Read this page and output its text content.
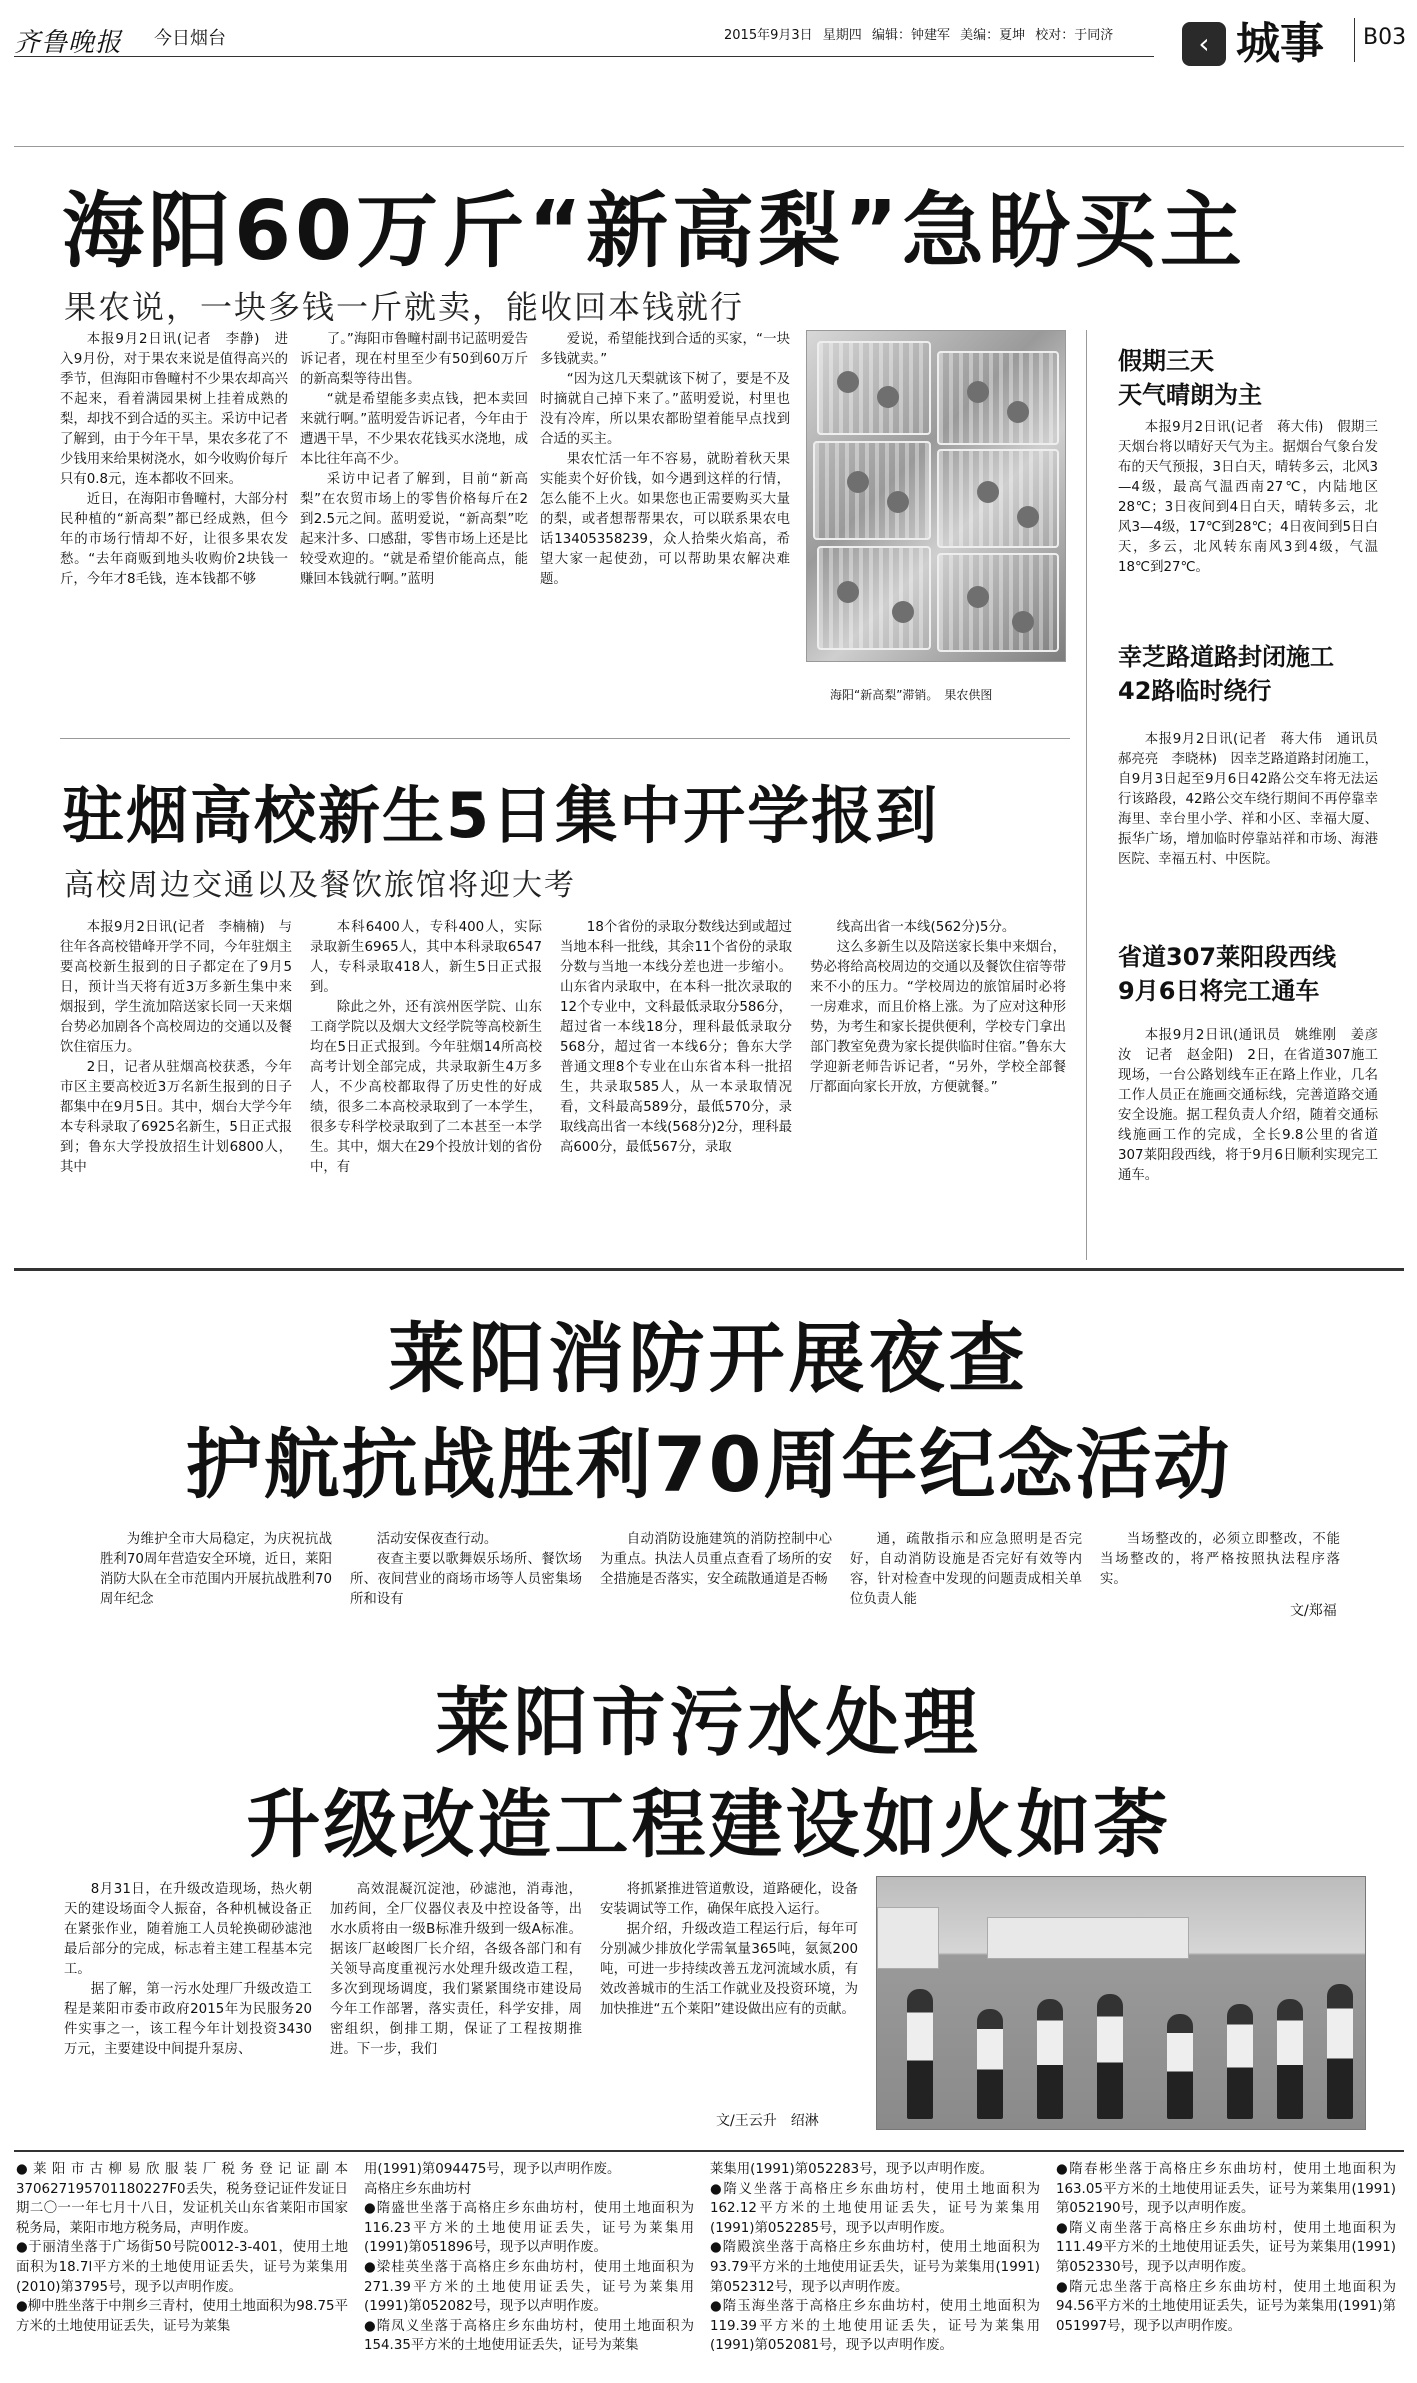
齐鲁晚报 今日烟台	2015年9月3日 星期四 编辑：钟建军 美编：夏坤 校对：于同济	‹ 城事	B03
海阳60万斤“新高梨”急盼买主
果农说，一块多钱一斤就卖，能收回本钱就行

本报9月2日讯(记者　李静)　进入9月份，对于果农来说是值得高兴的季节，但海阳市鲁疃村不少果农却高兴不起来，看着满园果树上挂着成熟的梨，却找不到合适的买主。采访中记者了解到，由于今年干旱，果农多花了不少钱用来给果树浇水，如今收购价每斤只有0.8元，连本都收不回来。

近日，在海阳市鲁疃村，大部分村民种植的“新高梨”都已经成熟，但今年的市场行情却不好，让很多果农发愁。“去年商贩到地头收购价2块钱一斤，今年才8毛钱，连本钱都不够

了。”海阳市鲁疃村副书记蓝明爱告诉记者，现在村里至少有50到60万斤的新高梨等待出售。

“就是希望能多卖点钱，把本卖回来就行啊。”蓝明爱告诉记者，今年由于遭遇干旱，不少果农花钱买水浇地，成本比往年高不少。

采访中记者了解到，目前“新高梨”在农贸市场上的零售价格每斤在2到2.5元之间。蓝明爱说，“新高梨”吃起来汁多、口感甜，零售市场上还是比较受欢迎的。“就是希望价能高点，能赚回本钱就行啊。”蓝明

爱说，希望能找到合适的买家，“一块多钱就卖。”

“因为这几天梨就该下树了，要是不及时摘就自己掉下来了。”蓝明爱说，村里也没有冷库，所以果农都盼望着能早点找到合适的买主。

果农忙活一年不容易，就盼着秋天果实能卖个好价钱，如今遇到这样的行情，怎么能不上火。如果您也正需要购买大量的梨，或者想帮帮果农，可以联系果农电话13405358239，众人拾柴火焰高，希望大家一起使劲，可以帮助果农解决难题。

海阳“新高梨”滞销。　果农供图
假期三天
天气晴朗为主

本报9月2日讯(记者　蒋大伟)　假期三天烟台将以晴好天气为主。据烟台气象台发布的天气预报，3日白天，晴转多云，北风3—4级，最高气温西南27℃，内陆地区28℃；3日夜间到4日白天，晴转多云，北风3—4级，17℃到28℃；4日夜间到5日白天，多云，北风转东南风3到4级，气温18℃到27℃。

幸芝路道路封闭施工
42路临时绕行

本报9月2日讯(记者　蒋大伟　通讯员　郝亮亮　李晓林)　因幸芝路道路封闭施工，自9月3日起至9月6日42路公交车将无法运行该路段，42路公交车绕行期间不再停靠幸海里、幸台里小学、祥和小区、幸福大厦、振华广场，增加临时停靠站祥和市场、海港医院、幸福五村、中医院。

省道307莱阳段西线
9月6日将完工通车

本报9月2日讯(通讯员　姚维刚　姜彦汝　记者　赵金阳)　2日，在省道307施工现场，一台公路划线车正在路上作业，几名工作人员正在施画交通标线，完善道路交通安全设施。据工程负责人介绍，随着交通标线施画工作的完成，全长9.8公里的省道307莱阳段西线，将于9月6日顺利实现完工通车。

驻烟高校新生5日集中开学报到
高校周边交通以及餐饮旅馆将迎大考

本报9月2日讯(记者　李楠楠)　与往年各高校错峰开学不同，今年驻烟主要高校新生报到的日子都定在了9月5日，预计当天将有近3万多新生集中来烟报到，学生流加陪送家长同一天来烟台势必加剧各个高校周边的交通以及餐饮住宿压力。

2日，记者从驻烟高校获悉，今年市区主要高校近3万名新生报到的日子都集中在9月5日。其中，烟台大学今年本专科录取了6925名新生，5日正式报到；鲁东大学投放招生计划6800人，其中

本科6400人，专科400人，实际录取新生6965人，其中本科录取6547人，专科录取418人，新生5日正式报到。

除此之外，还有滨州医学院、山东工商学院以及烟大文经学院等高校新生均在5日正式报到。今年驻烟14所高校高考计划全部完成，共录取新生4万多人，不少高校都取得了历史性的好成绩，很多二本高校录取到了一本学生，很多专科学校录取到了二本甚至一本学生。其中，烟大在29个投放计划的省份中，有

18个省份的录取分数线达到或超过当地本科一批线，其余11个省份的录取分数与当地一本线分差也进一步缩小。山东省内录取中，在本科一批次录取的12个专业中，文科最低录取分586分，超过省一本线18分，理科最低录取分568分，超过省一本线6分；鲁东大学普通文理8个专业在山东省本科一批招生，共录取585人，从一本录取情况看，文科最高589分，最低570分，录取线高出省一本线(568分)2分，理科最高600分，最低567分，录取

线高出省一本线(562分)5分。

这么多新生以及陪送家长集中来烟台，势必将给高校周边的交通以及餐饮住宿等带来不小的压力。“学校周边的旅馆届时必将一房难求，而且价格上涨。为了应对这种形势，为考生和家长提供便利，学校专门拿出部门教室免费为家长提供临时住宿。”鲁东大学迎新老师告诉记者，“另外，学校全部餐厅都面向家长开放，方便就餐。”

莱阳消防开展夜查
护航抗战胜利70周年纪念活动

为维护全市大局稳定，为庆祝抗战胜利70周年营造安全环境，近日，莱阳消防大队在全市范围内开展抗战胜利70周年纪念

活动安保夜查行动。

夜查主要以歌舞娱乐场所、餐饮场所、夜间营业的商场市场等人员密集场所和设有

自动消防设施建筑的消防控制中心为重点。执法人员重点查看了场所的安全措施是否落实，安全疏散通道是否畅

通，疏散指示和应急照明是否完好，自动消防设施是否完好有效等内容，针对检查中发现的问题责成相关单位负责人能

当场整改的，必须立即整改，不能当场整改的，将严格按照执法程序落实。

文/郑福
莱阳市污水处理
升级改造工程建设如火如荼

8月31日，在升级改造现场，热火朝天的建设场面令人振奋，各种机械设备正在紧张作业，随着施工人员轮换砌砂滤池最后部分的完成，标志着主建工程基本完工。

据了解，第一污水处理厂升级改造工程是莱阳市委市政府2015年为民服务20件实事之一，该工程今年计划投资3430万元，主要建设中间提升泵房、

高效混凝沉淀池，砂滤池，消毒池，加药间，全厂仪器仪表及中控设备等，出水水质将由一级B标准升级到一级A标准。据该厂赵峻图厂长介绍，各级各部门和有关领导高度重视污水处理升级改造工程，多次到现场调度，我们紧紧围绕市建设局今年工作部署，落实责任，科学安排，周密组织，倒排工期，保证了工程按期推进。下一步，我们

将抓紧推进管道敷设，道路硬化，设备安装调试等工作，确保年底投入运行。

据介绍，升级改造工程运行后，每年可分别减少排放化学需氧量365吨，氨氮200吨，可进一步持续改善五龙河流域水质，有效改善城市的生活工作就业及投资环境，为加快推进“五个莱阳”建设做出应有的贡献。

文/王云升　绍淋

●莱阳市古柳易欣服装厂税务登记证副本370627195701180227F0丢失，税务登记证件发证日期二〇一一年七月十八日，发证机关山东省莱阳市国家税务局，莱阳市地方税务局，声明作废。
●于丽清坐落于广场街50号院0012-3-401，使用土地面积为18.7l平方米的土地使用证丢失，证号为莱集用(2010)第3795号，现予以声明作废。
●柳中胜坐落于中荆乡三青村，使用土地面积为98.75平方米的土地使用证丢失，证号为莱集

用(1991)第094475号，现予以声明作废。
高格庄乡东曲坊村
●隋盛世坐落于高格庄乡东曲坊村，使用土地面积为116.23平方米的土地使用证丢失，证号为莱集用(1991)第051896号，现予以声明作废。
●梁桂英坐落于高格庄乡东曲坊村，使用土地面积为271.39平方米的土地使用证丢失，证号为莱集用(1991)第052082号，现予以声明作废。
●隋凤义坐落于高格庄乡东曲坊村，使用土地面积为154.35平方米的土地使用证丢失，证号为莱集

莱集用(1991)第052283号，现予以声明作废。
●隋义坐落于高格庄乡东曲坊村，使用土地面积为162.12平方米的土地使用证丢失，证号为莱集用(1991)第052285号，现予以声明作废。
●隋殿滨坐落于高格庄乡东曲坊村，使用土地面积为93.79平方米的土地使用证丢失，证号为莱集用(1991)第052312号，现予以声明作废。
●隋玉海坐落于高格庄乡东曲坊村，使用土地面积为119.39平方米的土地使用证丢失，证号为莱集用(1991)第052081号，现予以声明作废。

●隋春彬坐落于高格庄乡东曲坊村，使用土地面积为163.05平方米的土地使用证丢失，证号为莱集用(1991)第052190号，现予以声明作废。
●隋义南坐落于高格庄乡东曲坊村，使用土地面积为111.49平方米的土地使用证丢失，证号为莱集用(1991)第052330号，现予以声明作废。
●隋元忠坐落于高格庄乡东曲坊村，使用土地面积为94.56平方米的土地使用证丢失，证号为莱集用(1991)第051997号，现予以声明作废。
